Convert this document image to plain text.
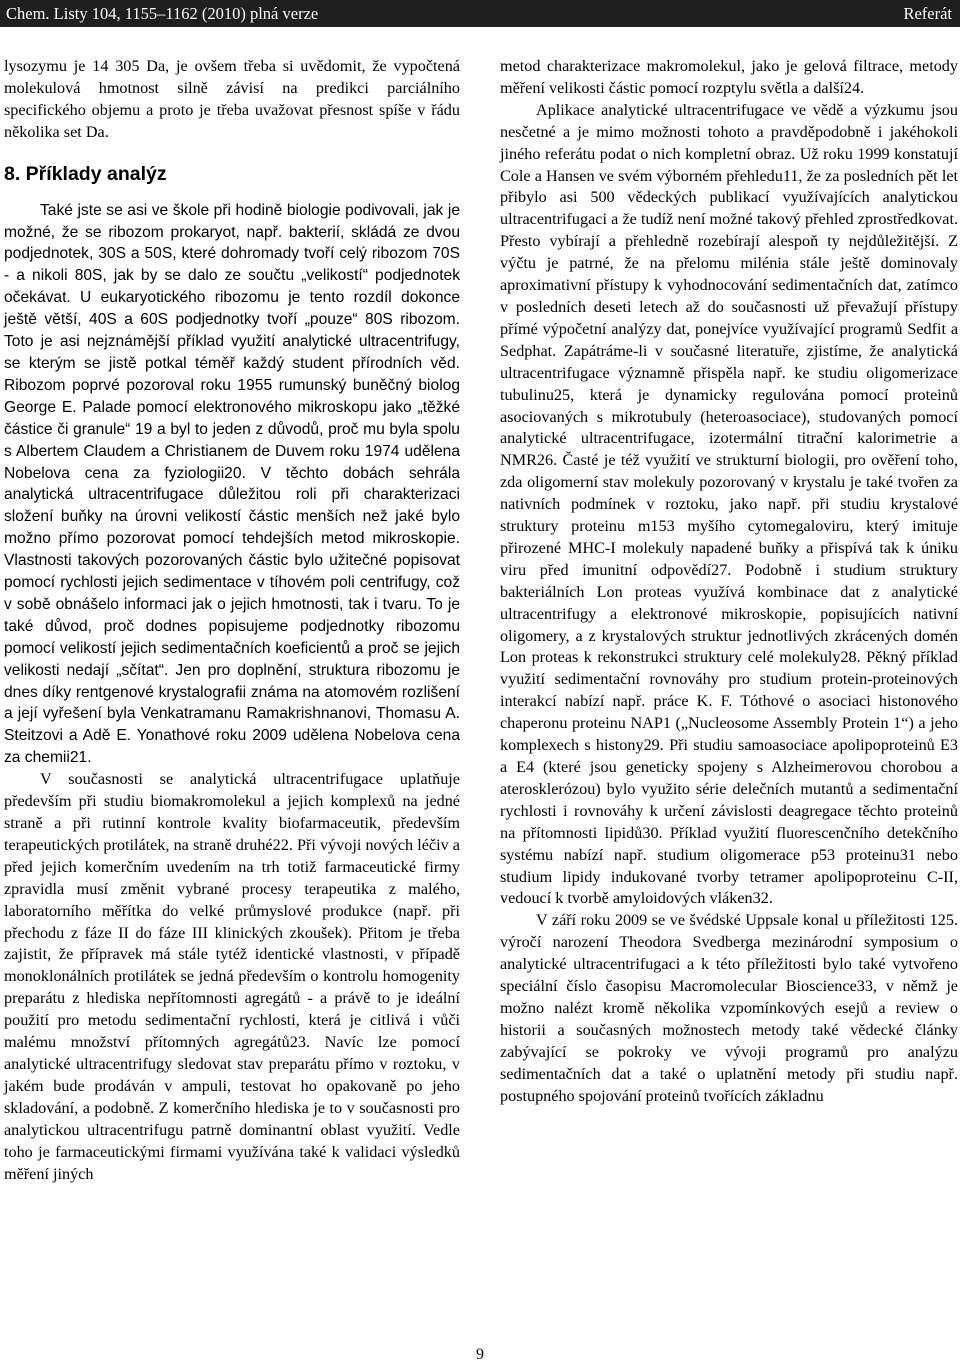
Chem. Listy 104, 1155–1162 (2010) plná verze	Referát

lysozymu je 14 305 Da, je ovšem třeba si uvědomit, že vypočtená molekulová hmotnost silně závisí na predikci parciálního specifického objemu a proto je třeba uvažovat přesnost spíše v řádu několika set Da.

8. Příklady analýz

Také jste se asi ve škole při hodině biologie podivovali, jak je možné, že se ribozom prokaryot, např. bakterií, skládá ze dvou podjednotek, 30S a 50S, které dohromady tvoří celý ribozom 70S - a nikoli 80S, jak by se dalo ze součtu „velikostí“ podjednotek očekávat. U eukaryotického ribozomu je tento rozdíl dokonce ještě větší, 40S a 60S podjednotky tvoří „pouze“ 80S ribozom. Toto je asi nejznámější příklad využití analytické ultracentrifugy, se kterým se jistě potkal téměř každý student přírodních věd. Ribozom poprvé pozoroval roku 1955 rumunský buněčný biolog George E. Palade pomocí elektronového mikroskopu jako „těžké částice či granule“ 19 a byl to jeden z důvodů, proč mu byla spolu s Albertem Claudem a Christianem de Duvem roku 1974 udělena Nobelova cena za fyziologii20. V těchto dobách sehrála analytická ultracentrifugace důležitou roli při charakterizaci složení buňky na úrovni velikostí částic menších než jaké bylo možno přímo pozorovat pomocí tehdejších metod mikroskopie. Vlastnosti takových pozorovaných částic bylo užitečné popisovat pomocí rychlosti jejich sedimentace v tíhovém poli centrifugy, což v sobě obnášelo informaci jak o jejich hmotnosti, tak i tvaru. To je také důvod, proč dodnes popisujeme podjednotky ribozomu pomocí velikostí jejich sedimentačních koeficientů a proč se jejich velikosti nedají „sčítat“. Jen pro doplnění, struktura ribozomu je dnes díky rentgenové krystalografii známa na atomovém rozlišení a její vyřešení byla Venkatramanu Ramakrishnanovi, Thomasu A. Steitzovi a Adě E. Yonathové roku 2009 udělena Nobelova cena za chemii21.

V současnosti se analytická ultracentrifugace uplatňuje především při studiu biomakromolekul a jejich komplexů na jedné straně a při rutinní kontrole kvality biofarmaceutik, především terapeutických protilátek, na straně druhé22. Při vývoji nových léčiv a před jejich komerčním uvedením na trh totiž farmaceutické firmy zpravidla musí změnit vybrané procesy terapeutika z malého, laboratorního měřítka do velké průmyslové produkce (např. při přechodu z fáze II do fáze III klinických zkoušek). Přitom je třeba zajistit, že přípravek má stále tytéž identické vlastnosti, v případě monoklonálních protilátek se jedná především o kontrolu homogenity preparátu z hlediska nepřítomnosti agregátů - a právě to je ideální použití pro metodu sedimentační rychlosti, která je citlivá i vůči malému množství přítomných agregátů23. Navíc lze pomocí analytické ultracentrifugy sledovat stav preparátu přímo v roztoku, v jakém bude prodáván v ampuli, testovat ho opakovaně po jeho skladování, a podobně. Z komerčního hlediska je to v současnosti pro analytickou ultracentrifugu patrně dominantní oblast využití. Vedle toho je farmaceutickými firmami využívána také k validaci výsledků měření jiných

metod charakterizace makromolekul, jako je gelová filtrace, metody měření velikosti částic pomocí rozptylu světla a další24.

Aplikace analytické ultracentrifugace ve vědě a výzkumu jsou nesčetné a je mimo možnosti tohoto a pravděpodobně i jakéhokoli jiného referátu podat o nich kompletní obraz. Už roku 1999 konstatují Cole a Hansen ve svém výborném přehledu11, že za posledních pět let přibylo asi 500 vědeckých publikací využívajících analytickou ultracentrifugaci a že tudíž není možné takový přehled zprostředkovat. Přesto vybírají a přehledně rozebírají alespoň ty nejdůležitější. Z výčtu je patrné, že na přelomu milénia stále ještě dominovaly aproximativní přístupy k vyhodnocování sedimentačních dat, zatímco v posledních deseti letech až do současnosti už převažují přístupy přímé výpočetní analýzy dat, ponejvíce využívající programů Sedfit a Sedphat. Zapátráme-li v současné literatuře, zjistíme, že analytická ultracentrifugace významně přispěla např. ke studiu oligomerizace tubulinu25, která je dynamicky regulována pomocí proteinů asociovaných s mikrotubuly (heteroasociace), studovaných pomocí analytické ultracentrifugace, izotermální titrační kalorimetrie a NMR26. Časté je též využití ve strukturní biologii, pro ověření toho, zda oligomerní stav molekuly pozorovaný v krystalu je také tvořen za nativních podmínek v roztoku, jako např. při studiu krystalové struktury proteinu m153 myšího cytomegaloviru, který imituje přirozené MHC-I molekuly napadené buňky a přispívá tak k úniku viru před imunitní odpovědí27. Podobně i studium struktury bakteriálních Lon proteas využívá kombinace dat z analytické ultracentrifugy a elektronové mikroskopie, popisujících nativní oligomery, a z krystalových struktur jednotlivých zkrácených domén Lon proteas k rekonstrukci struktury celé molekuly28. Pěkný příklad využití sedimentační rovnováhy pro studium protein-proteinových interakcí nabízí např. práce K. F. Tóthové o asociaci histonového chaperonu proteinu NAP1 („Nucleosome Assembly Protein 1“) a jeho komplexech s histony29. Při studiu samoasociace apolipoproteinů E3 a E4 (které jsou geneticky spojeny s Alzheimerovou chorobou a aterosklerózou) bylo využito série delečních mutantů a sedimentační rychlosti i rovnováhy k určení závislosti deagregace těchto proteinů na přítomnosti lipidů30. Příklad využití fluorescenčního detekčního systému nabízí např. studium oligomerace p53 proteinu31 nebo studium lipidy indukované tvorby tetramer apolipoproteinu C-II, vedoucí k tvorbě amyloidových vláken32.

V září roku 2009 se ve švédské Uppsale konal u příležitosti 125. výročí narození Theodora Svedberga mezinárodní symposium o analytické ultracentrifugaci a k této příležitosti bylo také vytvořeno speciální číslo časopisu Macromolecular Bioscience33, v němž je možno nalézt kromě několika vzpomínkových esejů a review o historii a současných možnostech metody také vědecké články zabývající se pokroky ve vývoji programů pro analýzu sedimentačních dat a také o uplatnění metody při studiu např. postupného spojování proteinů tvořících základnu

9
